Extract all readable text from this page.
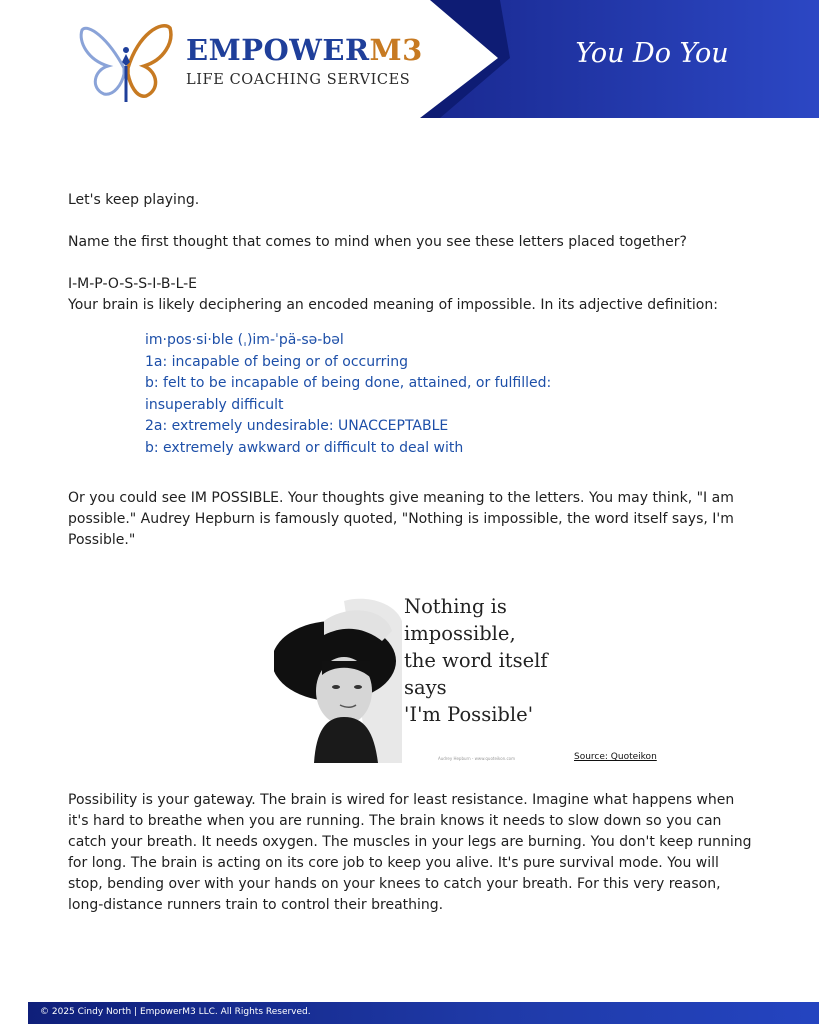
EMPOWERM3
LIFE COACHING SERVICES
You Do You

Let's keep playing.

Name the first thought that comes to mind when you see these letters placed together?

I-M-P-O-S-S-I-B-L-E

Your brain is likely deciphering an encoded meaning of impossible. In its adjective definition:

im·pos·si·ble (ˌ)im-ˈpä-sə-bəl

1a: incapable of being or of occurring

b: felt to be incapable of being done, attained, or fulfilled:

insuperably difficult

2a: extremely undesirable: UNACCEPTABLE

b: extremely awkward or difficult to deal with

Or you could see IM POSSIBLE. Your thoughts give meaning to the letters. You may think, "I am possible." Audrey Hepburn is famously quoted, "Nothing is impossible, the word itself says, I'm Possible."

Nothing is
impossible,
the word itself
says
'I'm Possible'
Audrey Hepburn - www.quoteikon.com	Source: Quoteikon

Possibility is your gateway. The brain is wired for least resistance. Imagine what happens when it's hard to breathe when you are running. The brain knows it needs to slow down so you can catch your breath. It needs oxygen. The muscles in your legs are burning. You don't keep running for long. The brain is acting on its core job to keep you alive. It's pure survival mode. You will stop, bending over with your hands on your knees to catch your breath. For this very reason, long-distance runners train to control their breathing.

© 2025 Cindy North | EmpowerM3 LLC. All Rights Reserved.
